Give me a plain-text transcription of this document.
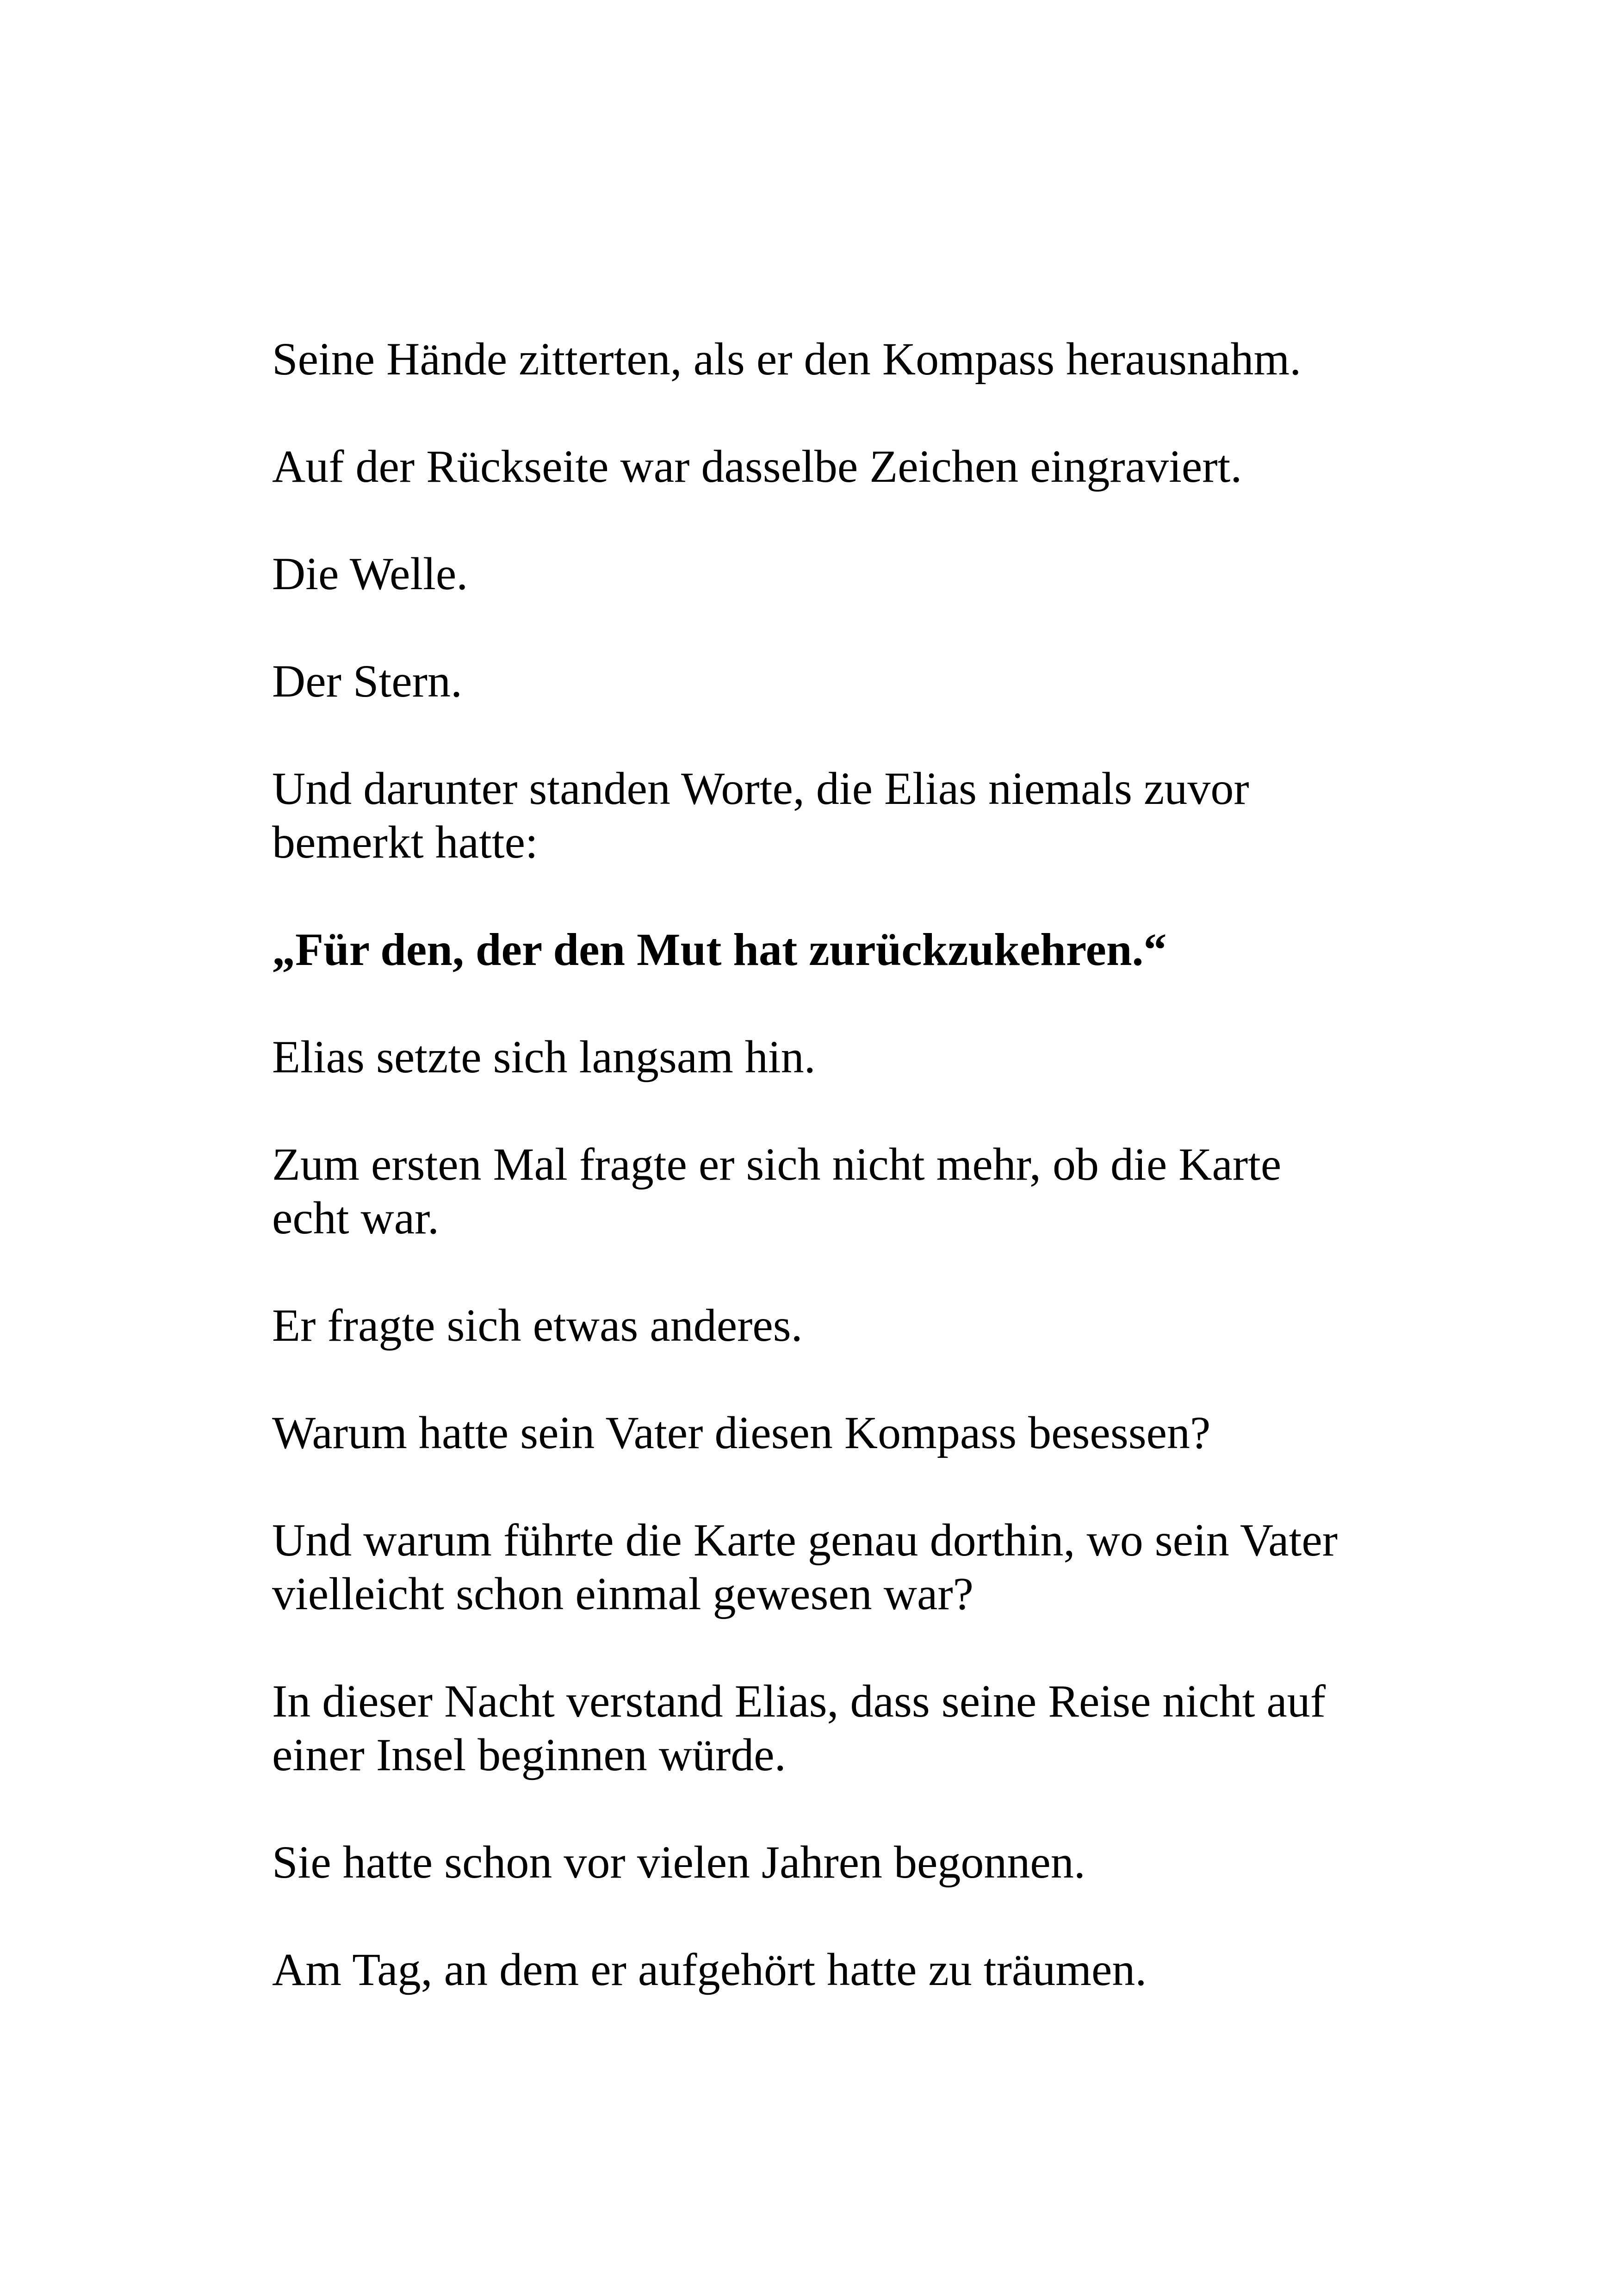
Seine Hände zitterten, als er den Kompass herausnahm.

Auf der Rückseite war dasselbe Zeichen eingraviert.

Die Welle.

Der Stern.

Und darunter standen Worte, die Elias niemals zuvor
bemerkt hatte:

„Für den, der den Mut hat zurückzukehren.“

Elias setzte sich langsam hin.

Zum ersten Mal fragte er sich nicht mehr, ob die Karte
echt war.

Er fragte sich etwas anderes.

Warum hatte sein Vater diesen Kompass besessen?

Und warum führte die Karte genau dorthin, wo sein Vater
vielleicht schon einmal gewesen war?

In dieser Nacht verstand Elias, dass seine Reise nicht auf
einer Insel beginnen würde.

Sie hatte schon vor vielen Jahren begonnen.

Am Tag, an dem er aufgehört hatte zu träumen.
